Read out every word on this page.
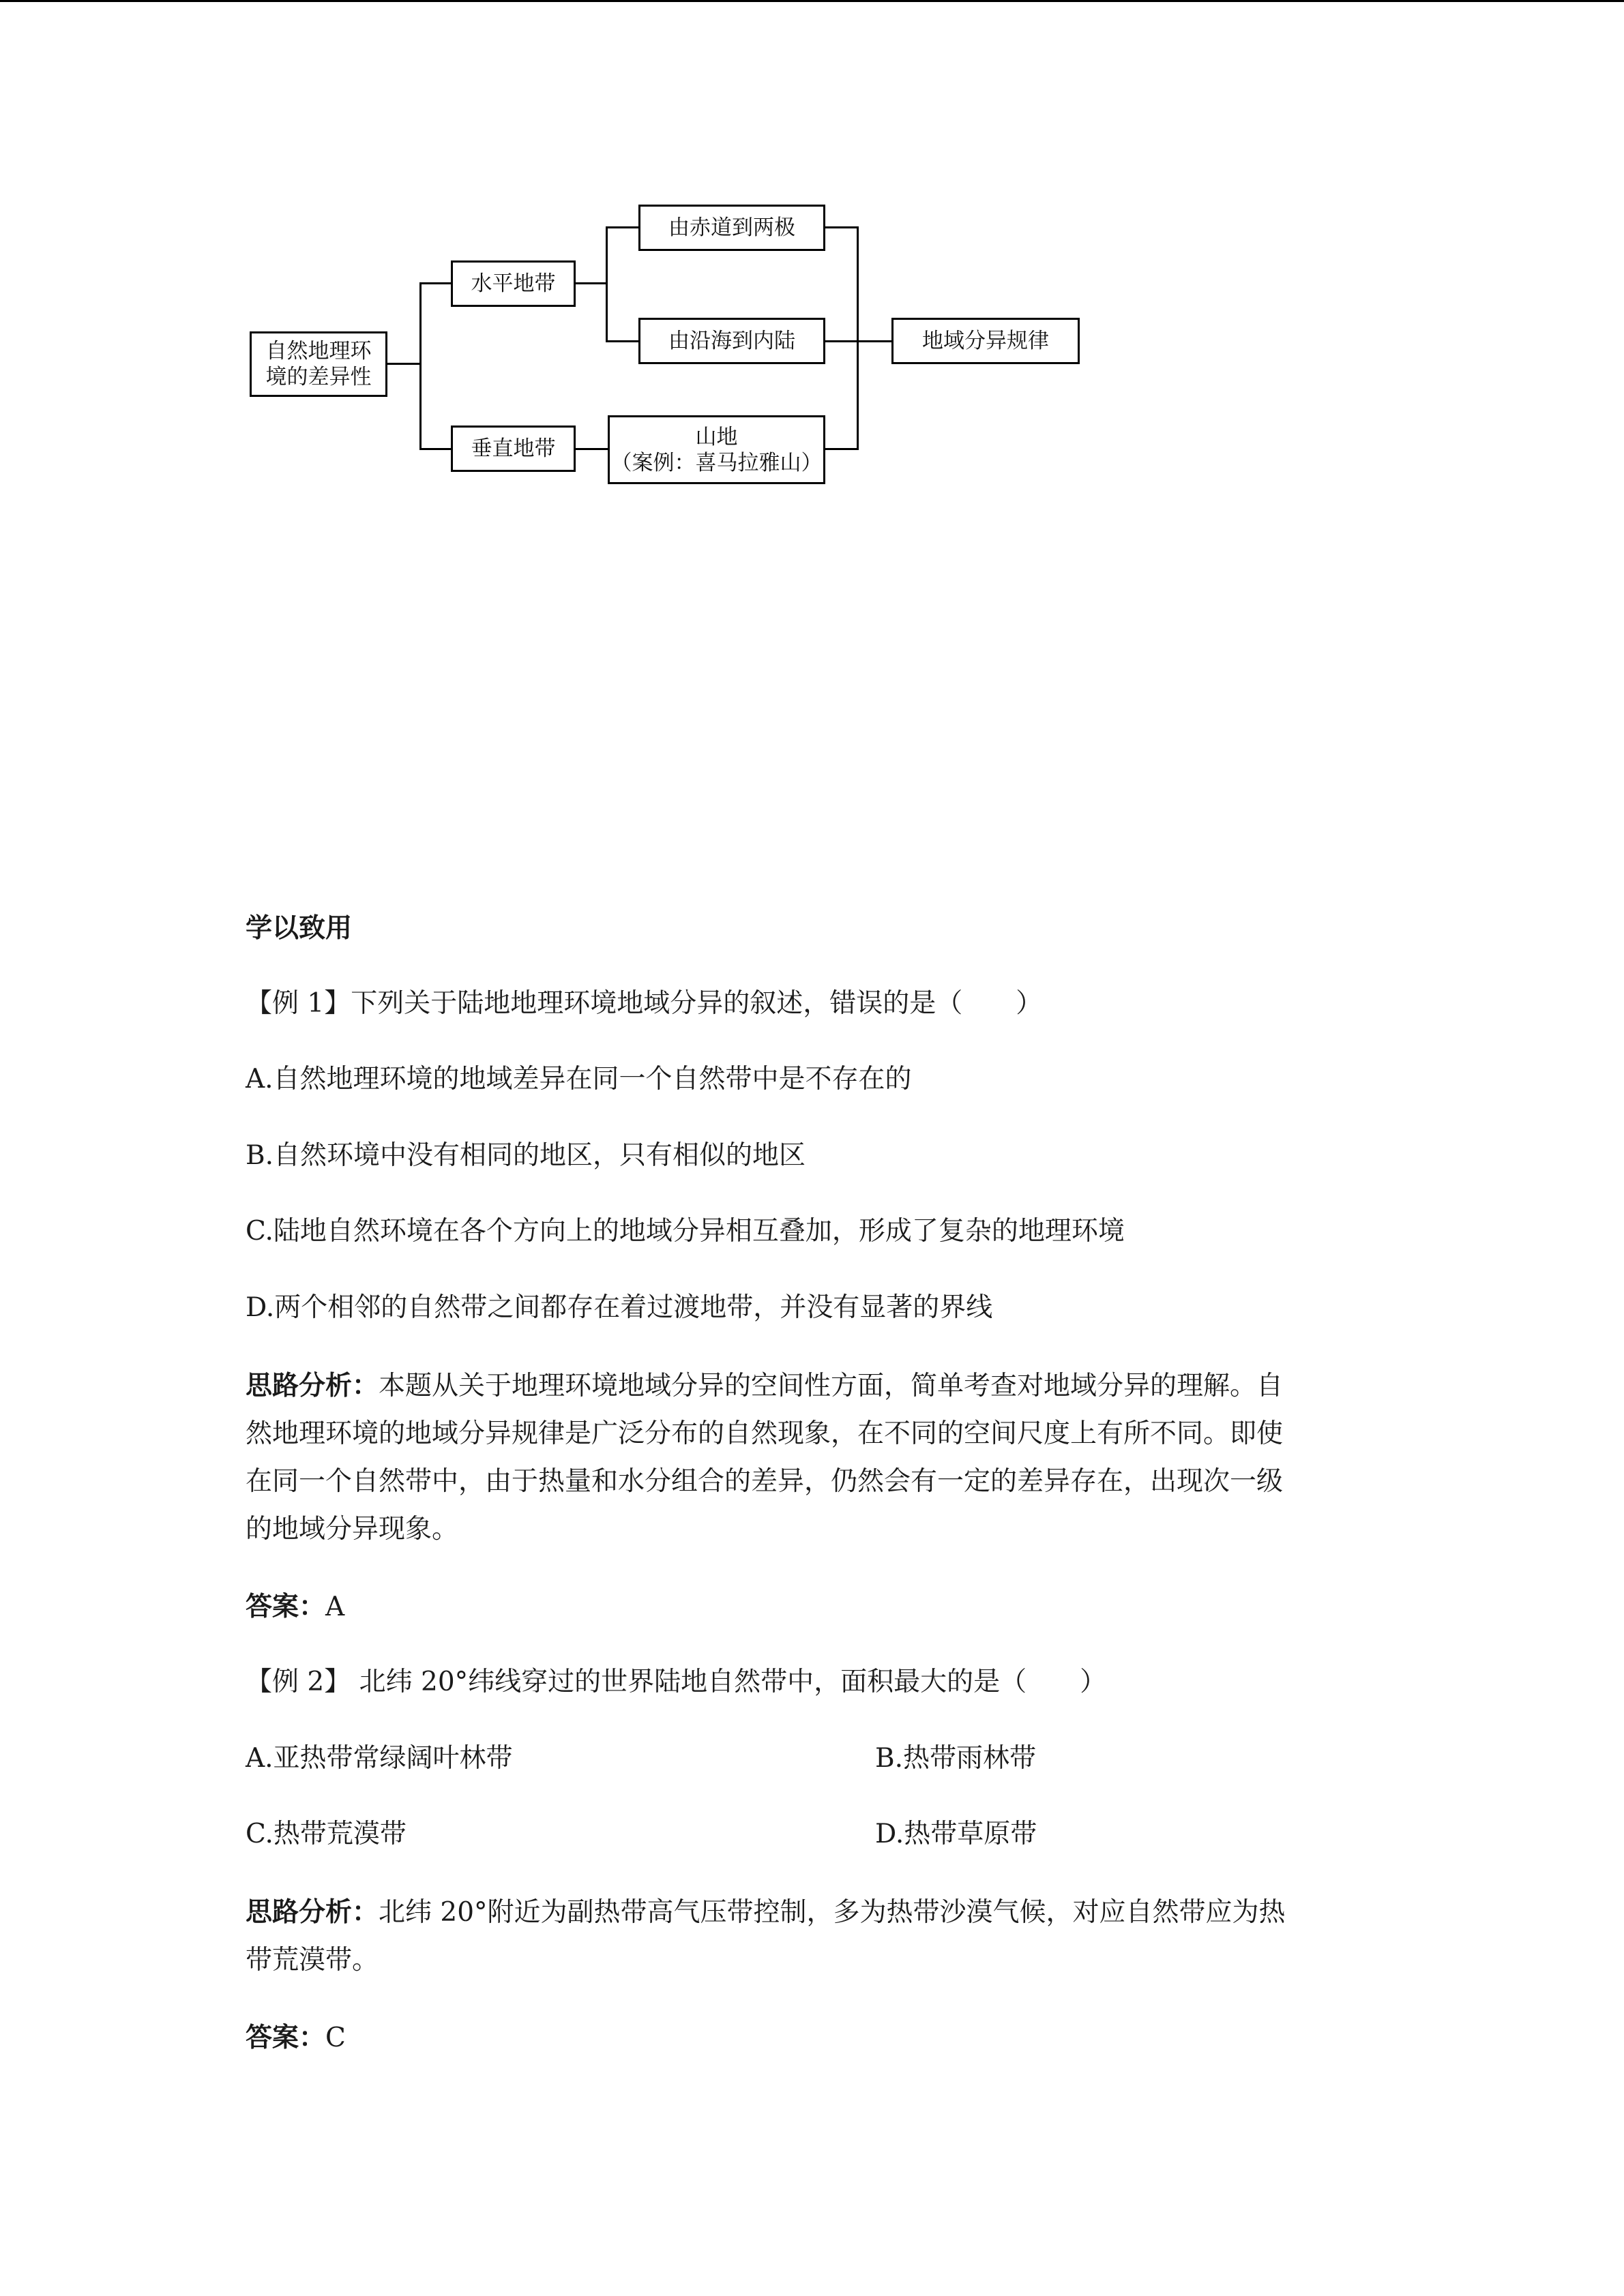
自然地理环
境的差异性
水平地带
垂直地带
由赤道到两极
由沿海到内陆
山地
（案例：喜马拉雅山）
地域分异规律
学以致用
【例 1】下列关于陆地地理环境地域分异的叙述，错误的是（　　）
A.自然地理环境的地域差异在同一个自然带中是不存在的
B.自然环境中没有相同的地区，只有相似的地区
C.陆地自然环境在各个方向上的地域分异相互叠加，形成了复杂的地理环境
D.两个相邻的自然带之间都存在着过渡地带，并没有显著的界线
思路分析：本题从关于地理环境地域分异的空间性方面，简单考查对地域分异的理解。自
然地理环境的地域分异规律是广泛分布的自然现象，在不同的空间尺度上有所不同。即使
在同一个自然带中，由于热量和水分组合的差异，仍然会有一定的差异存在，出现次一级
的地域分异现象。
答案：A
【例 2】 北纬 20°纬线穿过的世界陆地自然带中，面积最大的是（　　）
A.亚热带常绿阔叶林带	B.热带雨林带
C.热带荒漠带	D.热带草原带
思路分析：北纬 20°附近为副热带高气压带控制，多为热带沙漠气候，对应自然带应为热
带荒漠带。
答案：C
